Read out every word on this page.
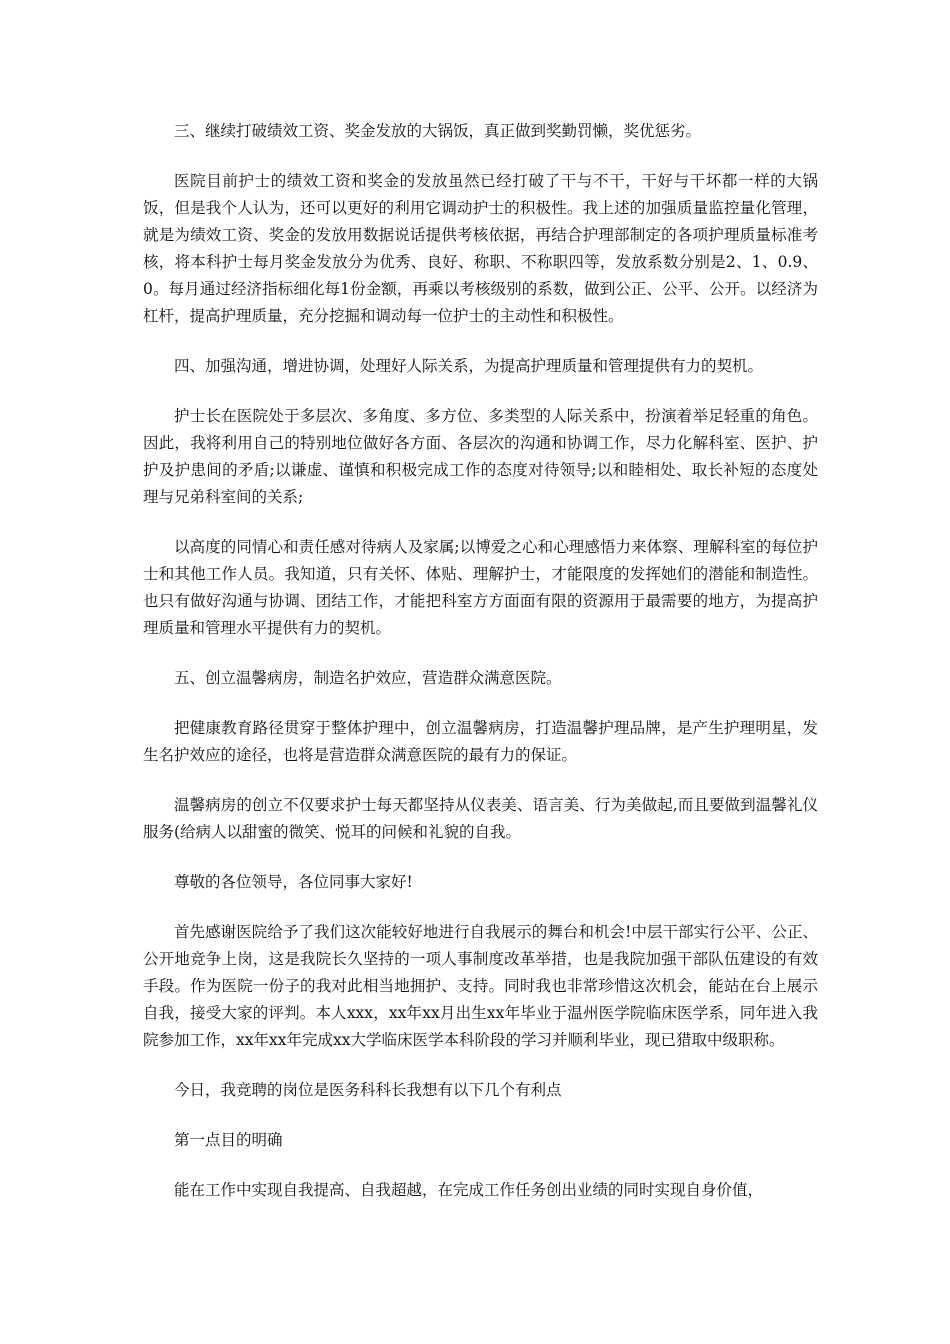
三、继续打破绩效工资、奖金发放的大锅饭，真正做到奖勤罚懒，奖优惩劣。

医院目前护士的绩效工资和奖金的发放虽然已经打破了干与不干，干好与干坏都一样的大锅饭，但是我个人认为，还可以更好的利用它调动护士的积极性。我上述的加强质量监控量化管理，就是为绩效工资、奖金的发放用数据说话提供考核依据，再结合护理部制定的各项护理质量标准考核，将本科护士每月奖金发放分为优秀、良好、称职、不称职四等，发放系数分别是2、1、0.9、0。每月通过经济指标细化每1份金额，再乘以考核级别的系数，做到公正、公平、公开。以经济为杠杆，提高护理质量，充分挖掘和调动每一位护士的主动性和积极性。

四、加强沟通，增进协调，处理好人际关系，为提高护理质量和管理提供有力的契机。

护士长在医院处于多层次、多角度、多方位、多类型的人际关系中，扮演着举足轻重的角色。因此，我将利用自己的特别地位做好各方面、各层次的沟通和协调工作，尽力化解科室、医护、护护及护患间的矛盾;以谦虚、谨慎和积极完成工作的态度对待领导;以和睦相处、取长补短的态度处理与兄弟科室间的关系;

以高度的同情心和责任感对待病人及家属;以博爱之心和心理感悟力来体察、理解科室的每位护士和其他工作人员。我知道，只有关怀、体贴、理解护士，才能限度的发挥她们的潜能和制造性。也只有做好沟通与协调、团结工作，才能把科室方方面面有限的资源用于最需要的地方，为提高护理质量和管理水平提供有力的契机。

五、创立温馨病房，制造名护效应，营造群众满意医院。

把健康教育路径贯穿于整体护理中，创立温馨病房，打造温馨护理品牌，是产生护理明星，发生名护效应的途径，也将是营造群众满意医院的最有力的保证。

温馨病房的创立不仅要求护士每天都坚持从仪表美、语言美、行为美做起,而且要做到温馨礼仪服务(给病人以甜蜜的微笑、悦耳的问候和礼貌的自我。

尊敬的各位领导，各位同事大家好!

首先感谢医院给予了我们这次能较好地进行自我展示的舞台和机会!中层干部实行公平、公正、公开地竞争上岗，这是我院长久坚持的一项人事制度改革举措，也是我院加强干部队伍建设的有效手段。作为医院一份子的我对此相当地拥护、支持。同时我也非常珍惜这次机会，能站在台上展示自我，接受大家的评判。本人xxx，xx年xx月出生xx年毕业于温州医学院临床医学系，同年进入我院参加工作，xx年xx年完成xx大学临床医学本科阶段的学习并顺利毕业，现已猎取中级职称。

今日，我竞聘的岗位是医务科科长我想有以下几个有利点

第一点目的明确

能在工作中实现自我提高、自我超越，在完成工作任务创出业绩的同时实现自身价值，
